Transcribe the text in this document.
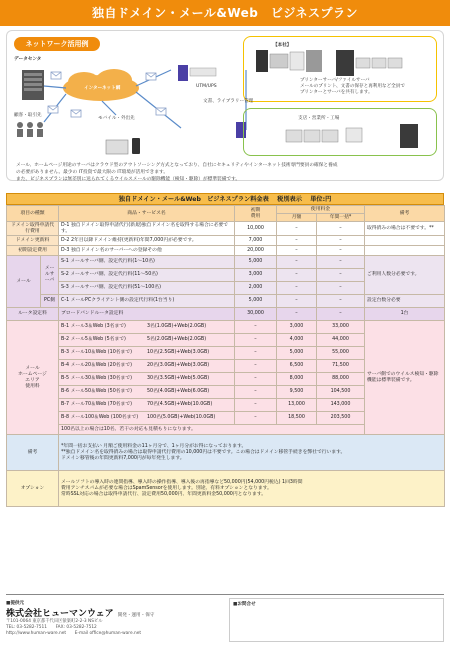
独自ドメイン・メール&Web　ビジネスプラン
ネットワーク活用例
データセンタ
インターネット網
顧客・取引先
モバイル・外出先
UTM/UPS
【本社】
文書、ライブラリー管理
プリンターサーバ/ファイルサーバ
メールのプリント、文書の保存と再利用など全員で
プリンターとサーバを共有します。
支店・営業所・工場
メール、ホームページ用途のサーバはクラウド型のアウトソーシング方式となっており、自社にセキュリティやインターネット技術専門要員の確保と養成
の必要がありません。最少の IT投資で最大限の IT環境が活用できます。
また、ビジネスプランは無差別に送られてくるウイルスメールの駆除機能（検知・駆除）が標準装備です。
独自ドメイン・メール&Web　ビジネスプラン料金表　 税別表示　 単位:円
項目の種類		商品・サービス名	初期
費用	使用料金		備考
				月額	年間一括*	
ドメイン取得申請代行費用		D-1 独自ドメイン取得申請代行(新規)独自ドメイン名を取得する場合に必要です。	10,000	–	–	取得済みの場合は不要です。**
ドメイン更新料		D-2 2年目以降ドメイン維持(更新料)年間7,000円が必要です。	7,000	–	–	
初期設定費用		D-3 独自ドメイン名のサーバーへの登録その他	20,000	–	–	
メール	メールサーバ	S-1 メールサーバ側、設定代行料(1～10名)	5,000	–	–	ご利用人数分必要です。
		S-2 メールサーバ側、設定代行料(11～50名)	3,000	–	–	
		S-3 メールサーバ側、設定代行料(51～100名)	2,000	–	–	
	PC側	C-1 メールPCクライアント側の設定代行料(1台当り)	5,000	–	–	設定台数分必要
ルータ設定料		ブロードバンドルータ設定料	30,000	–	–	1台
メール
ホームページ
エリア
使用料		B-1 メール3＆Web (3名まで) 3名(1.0GB)+Web(2.0GB)	–	3,000	33,000	サーバ側でのウイルス検知・駆除機能は標準装備です。
		B-2 メール5＆Web (5名まで) 5名(2.0GB)+Web(2.0GB)	–	4,000	44,000	
		B-3 メール10＆Web (10名まで) 10名(2.5GB)+Web(3.0GB)	–	5,000	55,000	
		B-4 メール20＆Web (20名まで) 20名(3.0GB)+Web(3.0GB)	–	6,500	71,500	
		B-5 メール30＆Web (30名まで) 30名(3.5GB)+Web(5.0GB)	–	8,000	88,000	
		B-6 メール50＆Web (50名まで) 50名(4.0GB)+Web(6.0GB)	–	9,500	104,500	
		B-7 メール70＆Web (70名まで) 70名(4.5GB)+Web(10.0GB)	–	13,000	143,000	
		B-8 メール100＆Web (100名まで) 100名(5.0GB)+Web(10.0GB)	–	18,500	203,500	
		100名以上の場合は10名、若干の対応も見積もりになります。				
備考		*年間一括お支払い 月額ご使用料金の11ヶ月分で、1ヶ月分がお得になっております。
**独自ドメイン名を取得済みの場合は取得申請代行費用の10,000円は不要です。この場合はドメイン移管手続きを弊社で行います。
ドメイン移管後の年間更新料7,000円が毎年発生します。				

オプション		メールソフトの導入時の連問指導、導入時の操作指導、導入後の再指導など50,000円(54,000円税込) 1回3時間
費用アンチスパムが必要な場合はSpamSensorを使用します。別途、有料オプションとなります。
常時SSL対応の場合は取得申請代行、設定費用50,000円、年間更新料金50,000円となります。				
■提供元
株式会社ヒューマンウェア 開発・運用・保守
〒101-0064 東京都千代田区猿楽町2-2-3 NSビル
TEL: 03-5282-7511　　FAX: 03-5282-7512
http://www.human-ware.net　　E-mail office@human-ware.net
■お問合せ
